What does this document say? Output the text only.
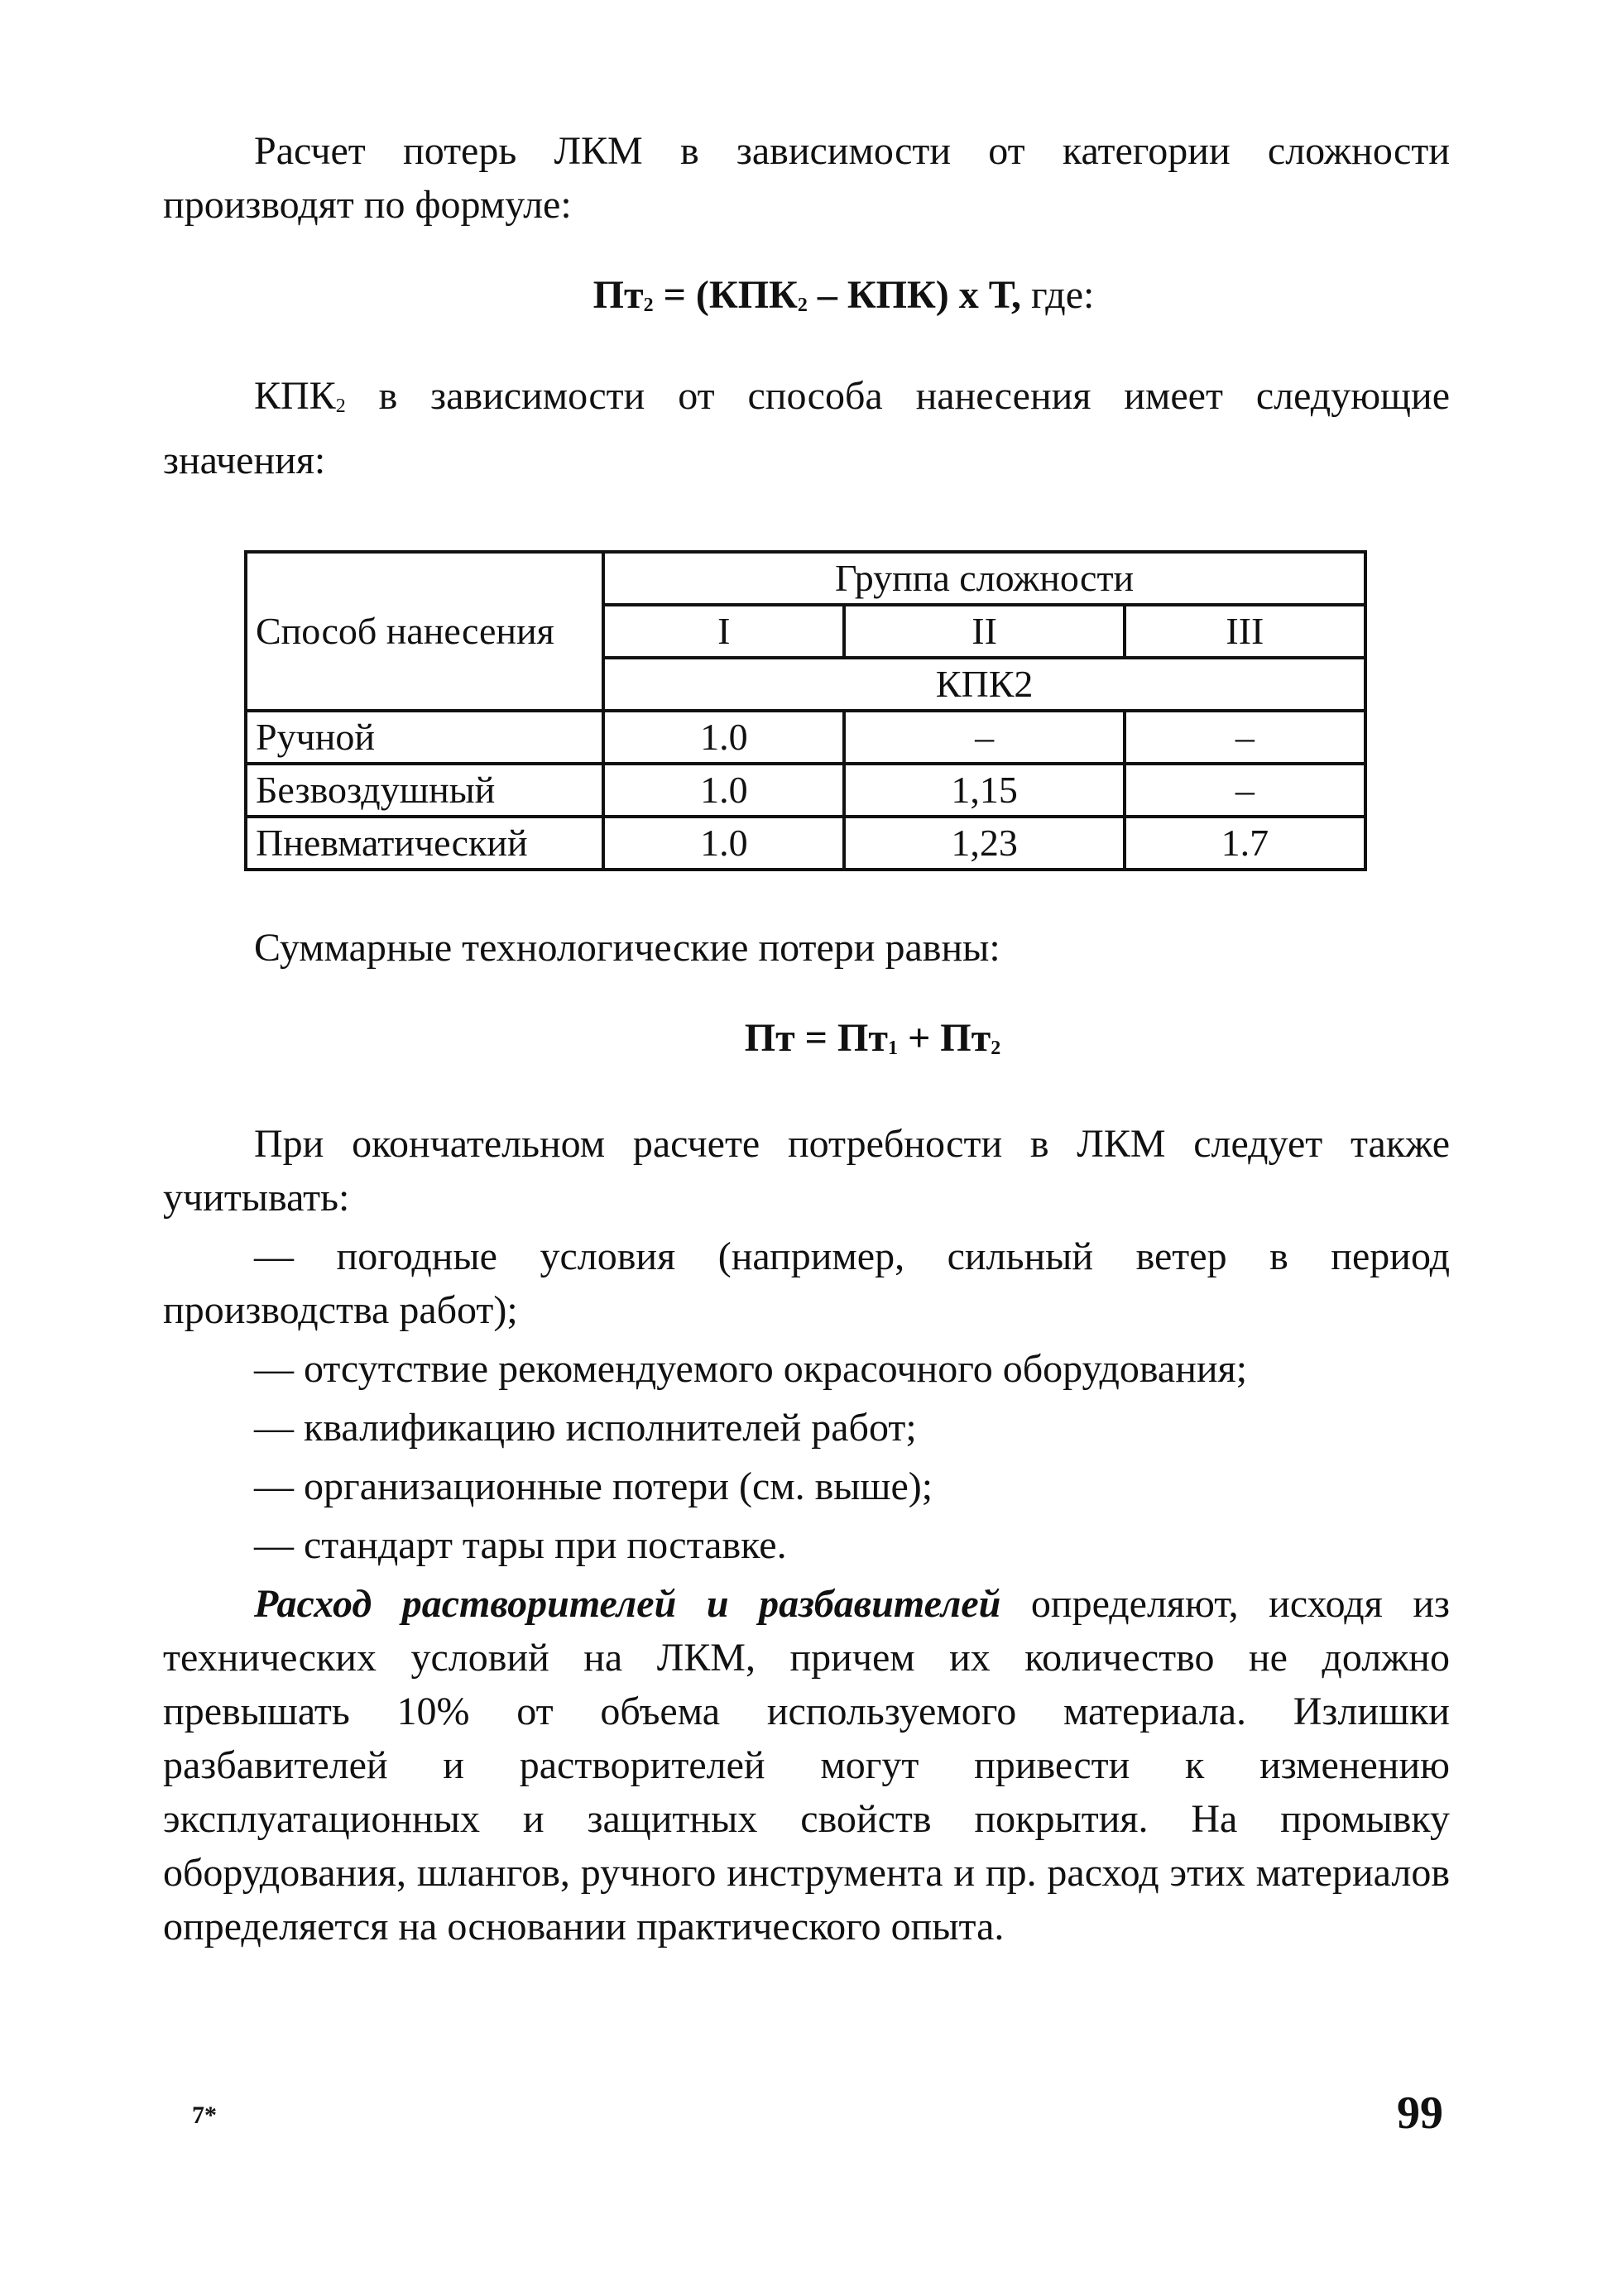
Расчет потерь ЛКМ в зависимости от категории сложности производят по формуле:

Пт2 = (КПК2 – КПК) х Т, где:

КПК2 в зависимости от способа нанесения имеет следующие значения:

Способ нанесения	Группа сложности		
	I	II	III
	КПК2		
Ручной	1.0	–	–
Безвоздушный	1.0	1,15	–
Пневматический	1.0	1,23	1.7

Суммарные технологические потери равны:

Пт = Пт1 + Пт2

При окончательном расчете потребности в ЛКМ следует также учитывать:

— погодные условия (например, сильный ветер в период производства работ);

— отсутствие рекомендуемого окрасочного оборудования;

— квалификацию исполнителей работ;

— организационные потери (см. выше);

— стандарт тары при поставке.

Расход растворителей и разбавителей определяют, исходя из технических условий на ЛКМ, причем их количество не должно превышать 10% от объема используемого материала. Излишки разбавителей и растворителей могут привести к изменению эксплуатационных и защитных свойств покрытия. На промывку оборудования, шлангов, ручного инструмента и пр. расход этих материалов определяется на основании практического опыта.

7*	99
